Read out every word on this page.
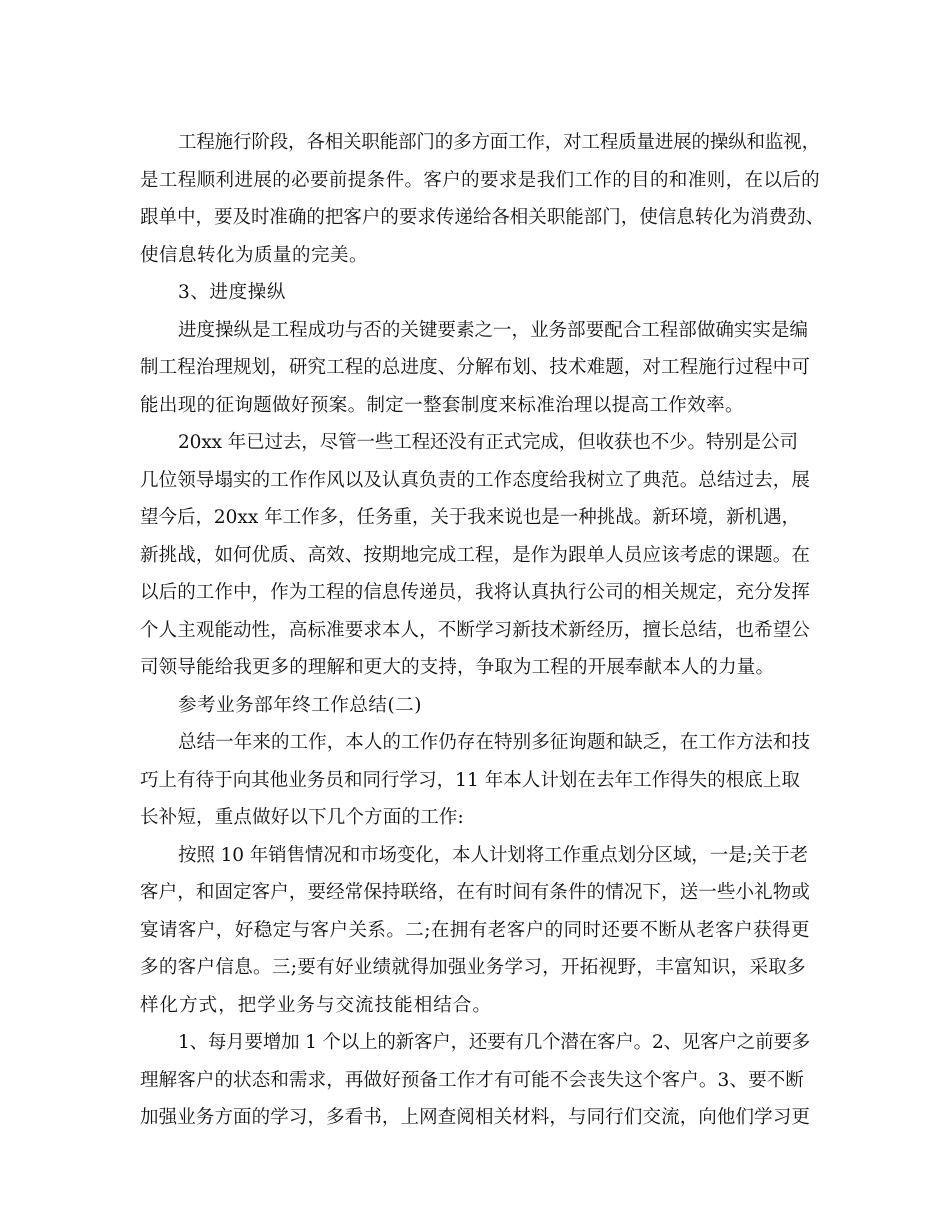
工程施行阶段，各相关职能部门的多方面工作，对工程质量进展的操纵和监视，
是工程顺利进展的必要前提条件。客户的要求是我们工作的目的和准则，在以后的
跟单中，要及时准确的把客户的要求传递给各相关职能部门，使信息转化为消费劲、
使信息转化为质量的完美。
3、进度操纵
进度操纵是工程成功与否的关键要素之一，业务部要配合工程部做确实实是编
制工程治理规划，研究工程的总进度、分解布划、技术难题，对工程施行过程中可
能出现的征询题做好预案。制定一整套制度来标准治理以提高工作效率。
20xx 年已过去，尽管一些工程还没有正式完成，但收获也不少。特别是公司
几位领导塌实的工作作风以及认真负责的工作态度给我树立了典范。总结过去，展
望今后，20xx 年工作多，任务重，关于我来说也是一种挑战。新环境，新机遇，
新挑战，如何优质、高效、按期地完成工程，是作为跟单人员应该考虑的课题。在
以后的工作中，作为工程的信息传递员，我将认真执行公司的相关规定，充分发挥
个人主观能动性，高标准要求本人，不断学习新技术新经历，擅长总结，也希望公
司领导能给我更多的理解和更大的支持，争取为工程的开展奉献本人的力量。
参考业务部年终工作总结(二)
总结一年来的工作，本人的工作仍存在特别多征询题和缺乏，在工作方法和技
巧上有待于向其他业务员和同行学习，11 年本人计划在去年工作得失的根底上取
长补短，重点做好以下几个方面的工作:
按照 10 年销售情况和市场变化，本人计划将工作重点划分区域，一是;关于老
客户，和固定客户，要经常保持联络，在有时间有条件的情况下，送一些小礼物或
宴请客户，好稳定与客户关系。二;在拥有老客户的同时还要不断从老客户获得更
多的客户信息。三;要有好业绩就得加强业务学习，开拓视野，丰富知识，采取多
样化方式，把学业务与交流技能相结合。
1、每月要增加 1 个以上的新客户，还要有几个潜在客户。2、见客户之前要多
理解客户的状态和需求，再做好预备工作才有可能不会丧失这个客户。3、要不断
加强业务方面的学习，多看书，上网查阅相关材料，与同行们交流，向他们学习更
